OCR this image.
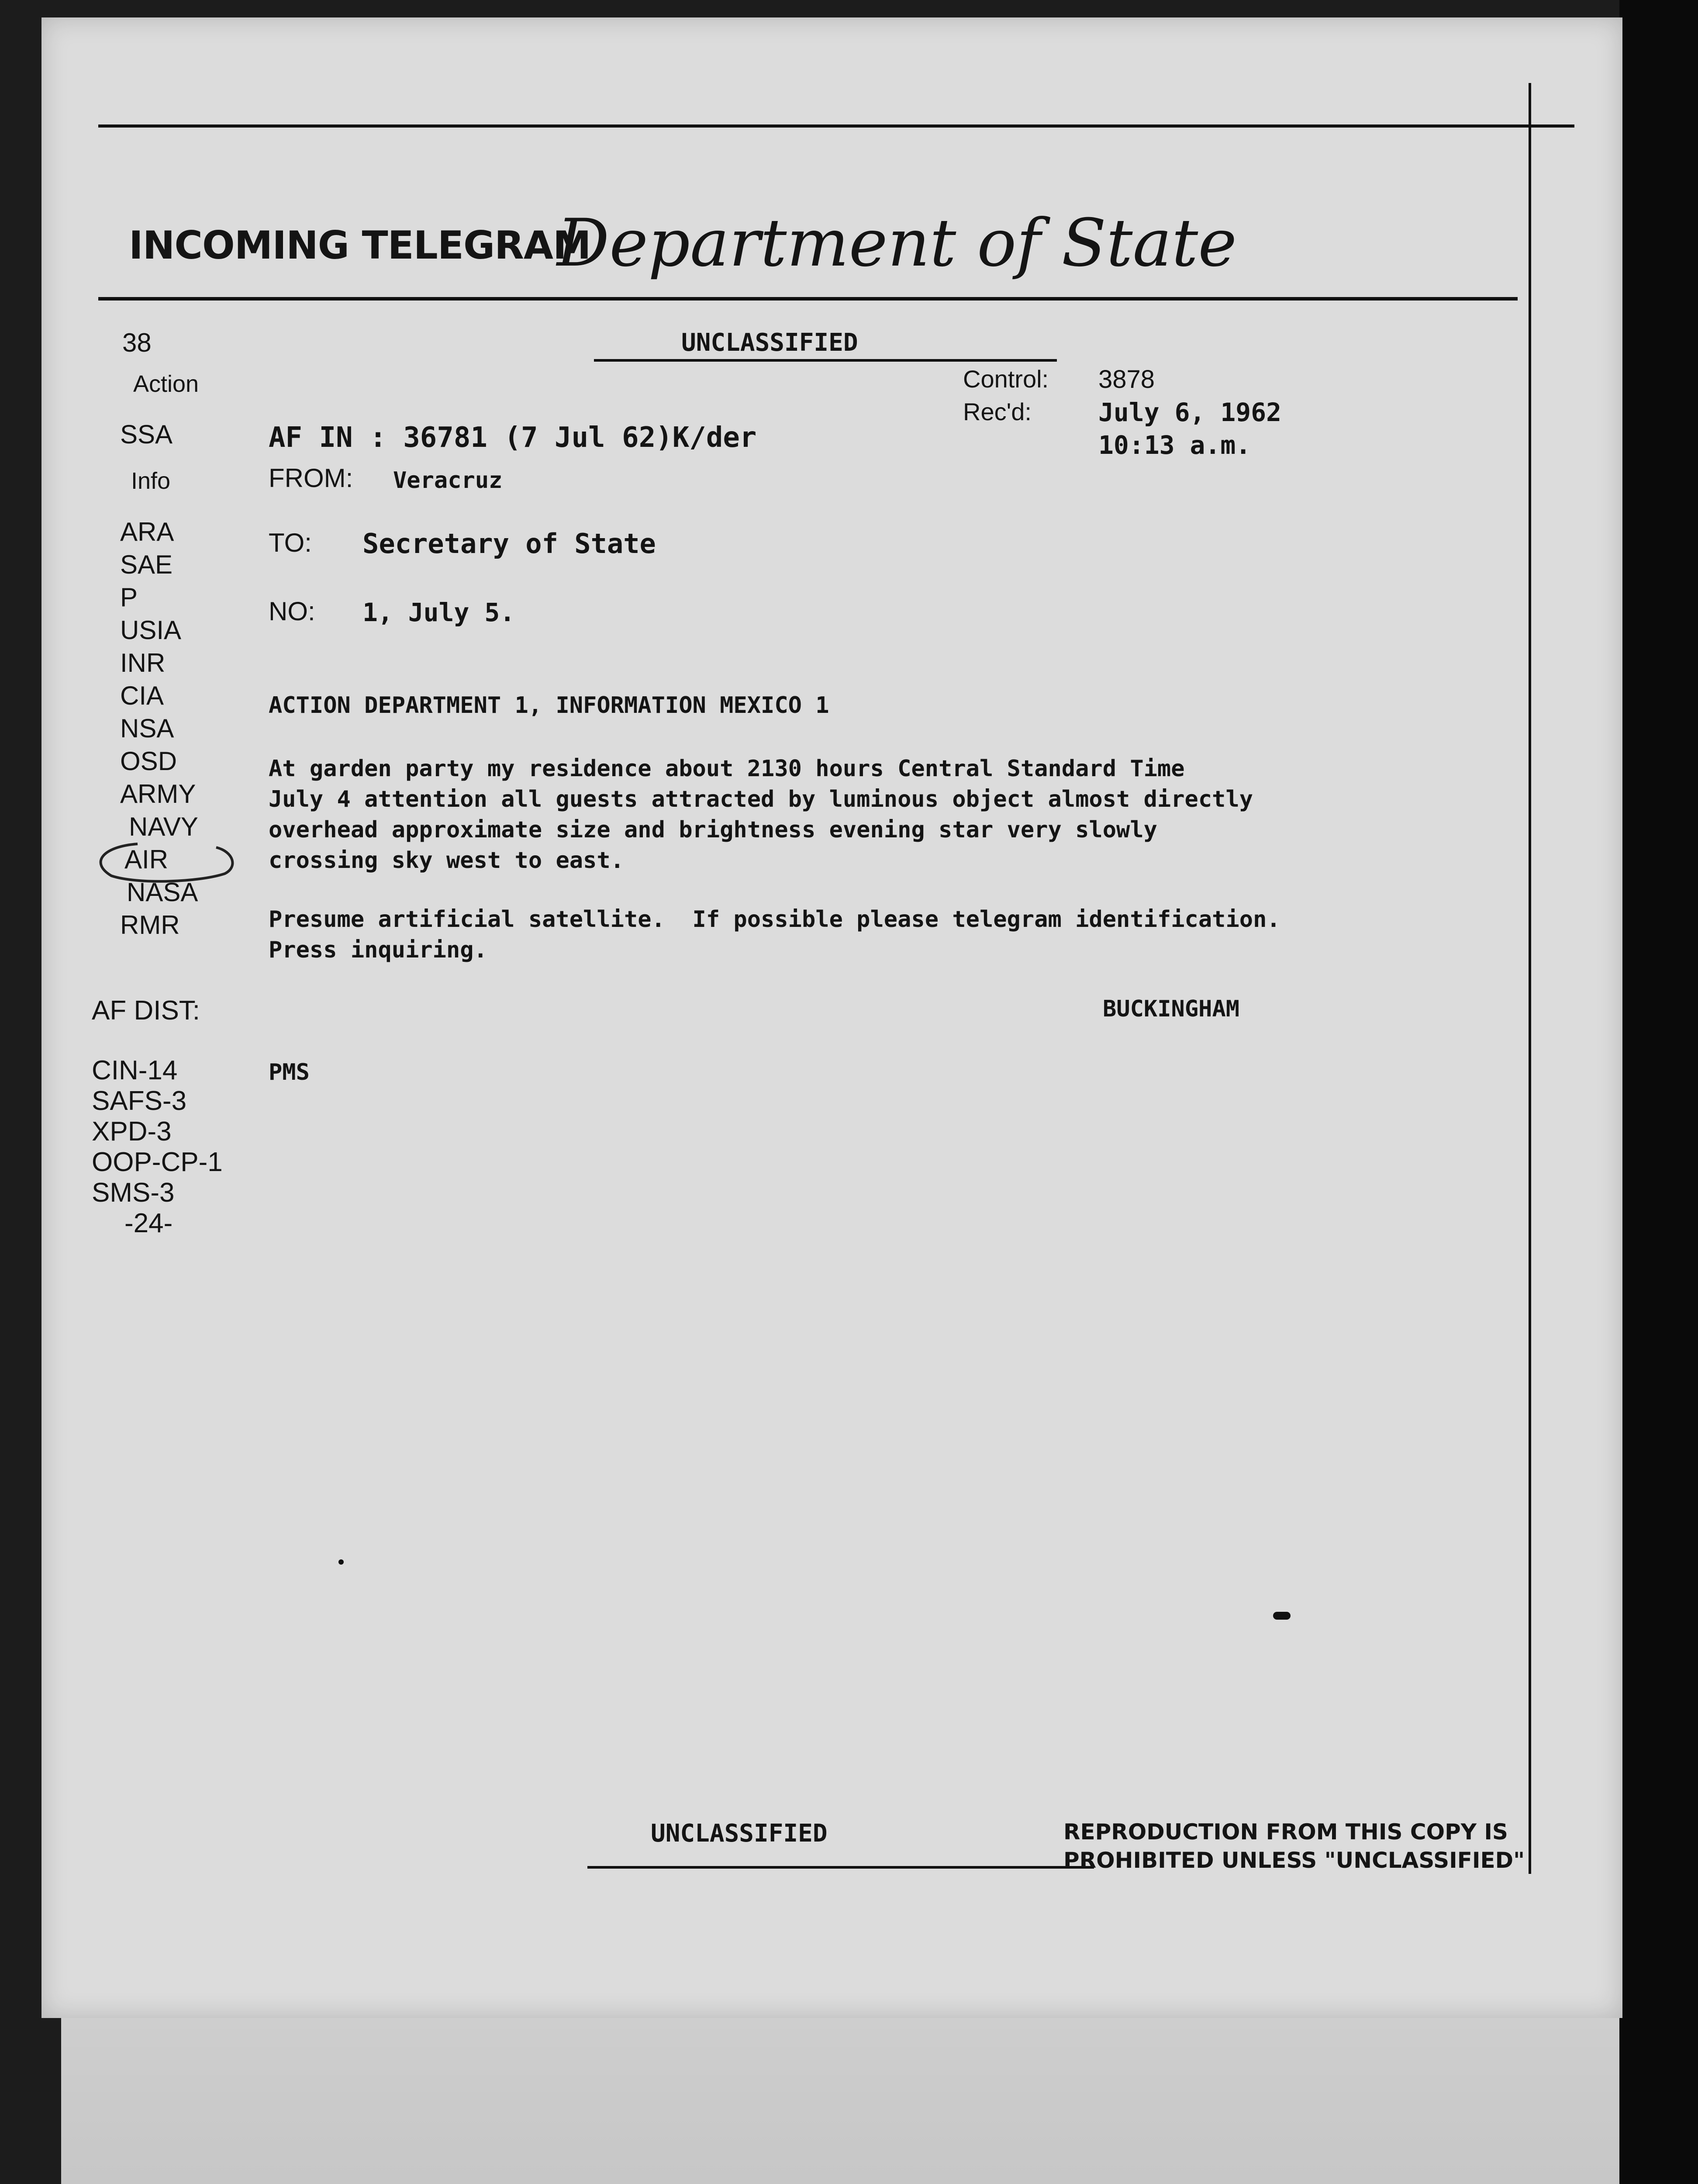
INCOMING TELEGRAM
Department of State
UNCLASSIFIED
38
Action
SSA
Info
ARA
SAE
P
USIA
INR
CIA
NSA
OSD
ARMY
NAVY
AIR
NASA
RMR
Control: 3878
Rec'd:	July 6, 1962
10:13 a.m.
AF IN : 36781 (7 Jul 62)K/der
FROM: Veracruz
TO: Secretary of State
NO: 1, July 5.
ACTION DEPARTMENT 1, INFORMATION MEXICO 1
At garden party my residence about 2130 hours Central Standard Time
July 4 attention all guests attracted by luminous object almost directly
overhead approximate size and brightness evening star very slowly
crossing sky west to east.
Presume artificial satellite.  If possible please telegram identification.
Press inquiring.
BUCKINGHAM
AF DIST:
CIN-14
SAFS-3
XPD-3
OOP-CP-1
SMS-3
-24-
PMS
UNCLASSIFIED	REPRODUCTION FROM THIS COPY IS
PROHIBITED UNLESS "UNCLASSIFIED"
